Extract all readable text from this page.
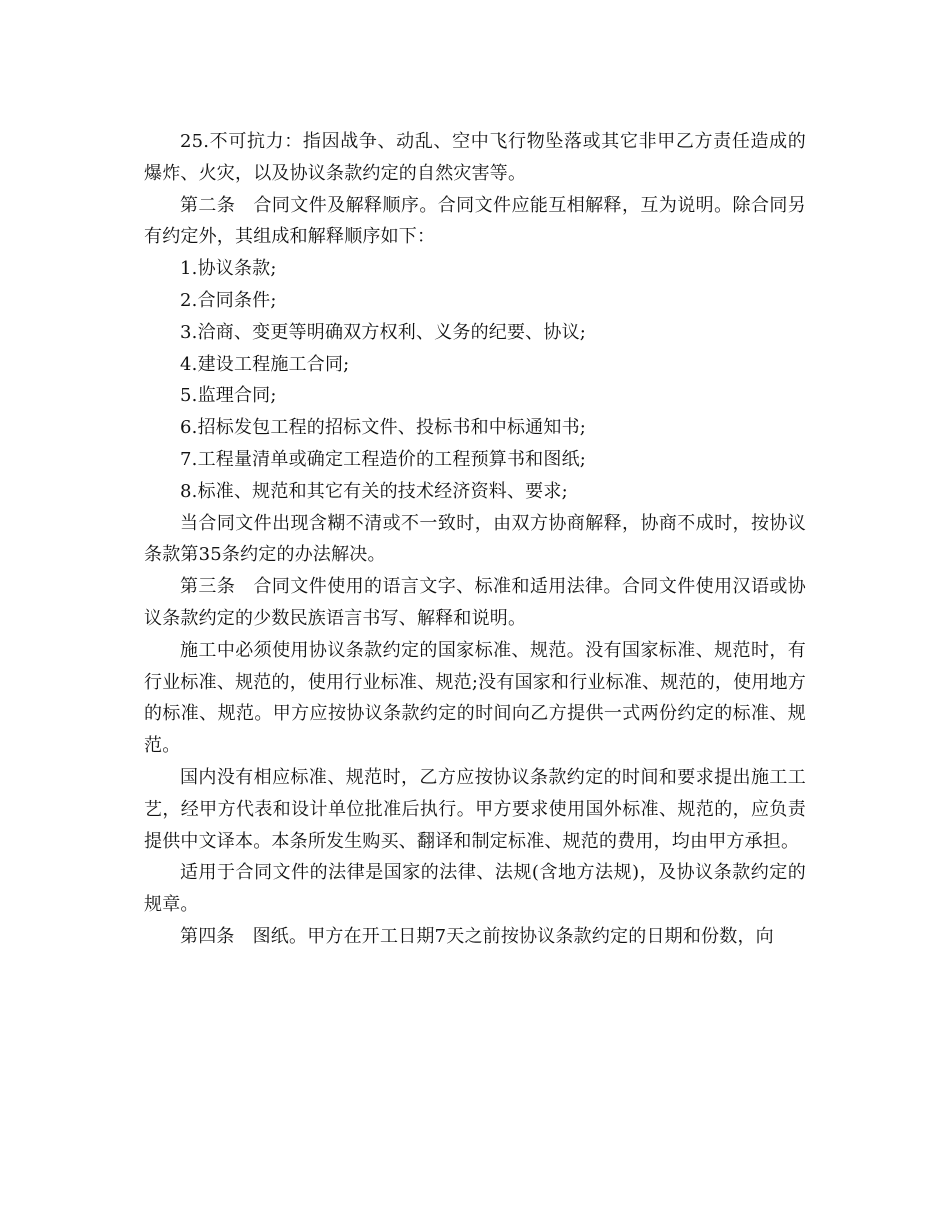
25.不可抗力：指因战争、动乱、空中飞行物坠落或其它非甲乙方责任造成的爆炸、火灾，以及协议条款约定的自然灾害等。

第二条 合同文件及解释顺序。合同文件应能互相解释，互为说明。除合同另有约定外，其组成和解释顺序如下：

1.协议条款;

2.合同条件;

3.洽商、变更等明确双方权利、义务的纪要、协议;

4.建设工程施工合同;

5.监理合同;

6.招标发包工程的招标文件、投标书和中标通知书;

7.工程量清单或确定工程造价的工程预算书和图纸;

8.标准、规范和其它有关的技术经济资料、要求;

当合同文件出现含糊不清或不一致时，由双方协商解释，协商不成时，按协议条款第35条约定的办法解决。

第三条 合同文件使用的语言文字、标准和适用法律。合同文件使用汉语或协议条款约定的少数民族语言书写、解释和说明。

施工中必须使用协议条款约定的国家标准、规范。没有国家标准、规范时，有行业标准、规范的，使用行业标准、规范;没有国家和行业标准、规范的，使用地方的标准、规范。甲方应按协议条款约定的时间向乙方提供一式两份约定的标准、规范。

国内没有相应标准、规范时，乙方应按协议条款约定的时间和要求提出施工工艺，经甲方代表和设计单位批准后执行。甲方要求使用国外标准、规范的，应负责提供中文译本。本条所发生购买、翻译和制定标准、规范的费用，均由甲方承担。

适用于合同文件的法律是国家的法律、法规(含地方法规)，及协议条款约定的规章。

第四条 图纸。甲方在开工日期7天之前按协议条款约定的日期和份数，向
